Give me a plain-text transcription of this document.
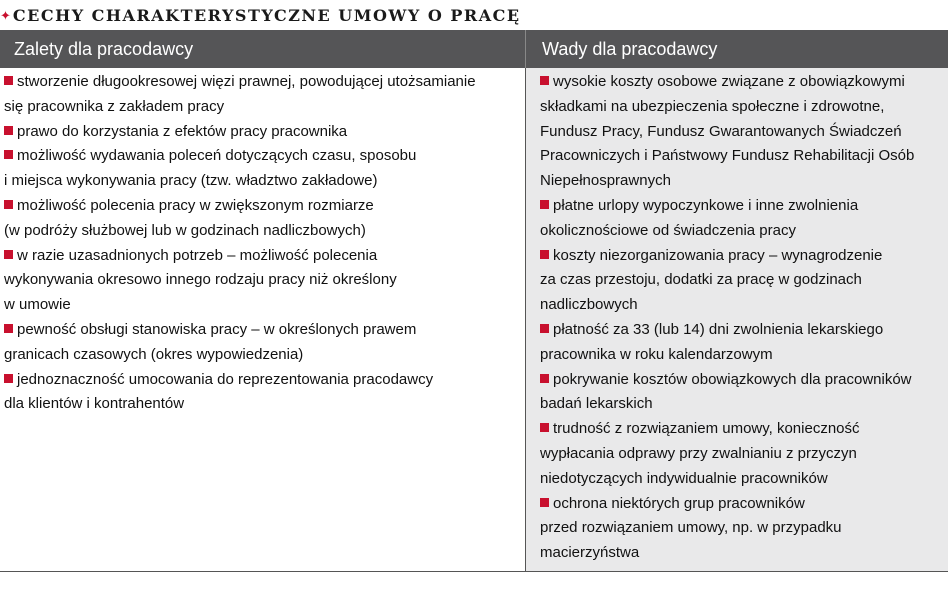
✦ CECHY CHARAKTERYSTYCZNE UMOWY O PRACĘ
Zalety dla pracodawcy	Wady dla pracodawcy
stworzenie długookresowej więzi prawnej, powodującej utożsamianie
się pracownika z zakładem pracy
prawo do korzystania z efektów pracy pracownika
możliwość wydawania poleceń dotyczących czasu, sposobu
i miejsca wykonywania pracy (tzw. władztwo zakładowe)
możliwość polecenia pracy w zwiększonym rozmiarze
(w podróży służbowej lub w godzinach nadliczbowych)
w razie uzasadnionych potrzeb – możliwość polecenia
wykonywania okresowo innego rodzaju pracy niż określony
w umowie
pewność obsługi stanowiska pracy – w określonych prawem
granicach czasowych (okres wypowiedzenia)
jednoznaczność umocowania do reprezentowania pracodawcy
dla klientów i kontrahentów
wysokie koszty osobowe związane z obowiązkowymi
składkami na ubezpieczenia społeczne i zdrowotne,
Fundusz Pracy, Fundusz Gwarantowanych Świadczeń
Pracowniczych i Państwowy Fundusz Rehabilitacji Osób
Niepełnosprawnych
płatne urlopy wypoczynkowe i inne zwolnienia
okolicznościowe od świadczenia pracy
koszty niezorganizowania pracy – wynagrodzenie
za czas przestoju, dodatki za pracę w godzinach
nadliczbowych
płatność za 33 (lub 14) dni zwolnienia lekarskiego
pracownika w roku kalendarzowym
pokrywanie kosztów obowiązkowych dla pracowników
badań lekarskich
trudność z rozwiązaniem umowy, konieczność
wypłacania odprawy przy zwalnianiu z przyczyn
niedotyczących indywidualnie pracowników
ochrona niektórych grup pracowników
przed rozwiązaniem umowy, np. w przypadku
macierzyństwa
